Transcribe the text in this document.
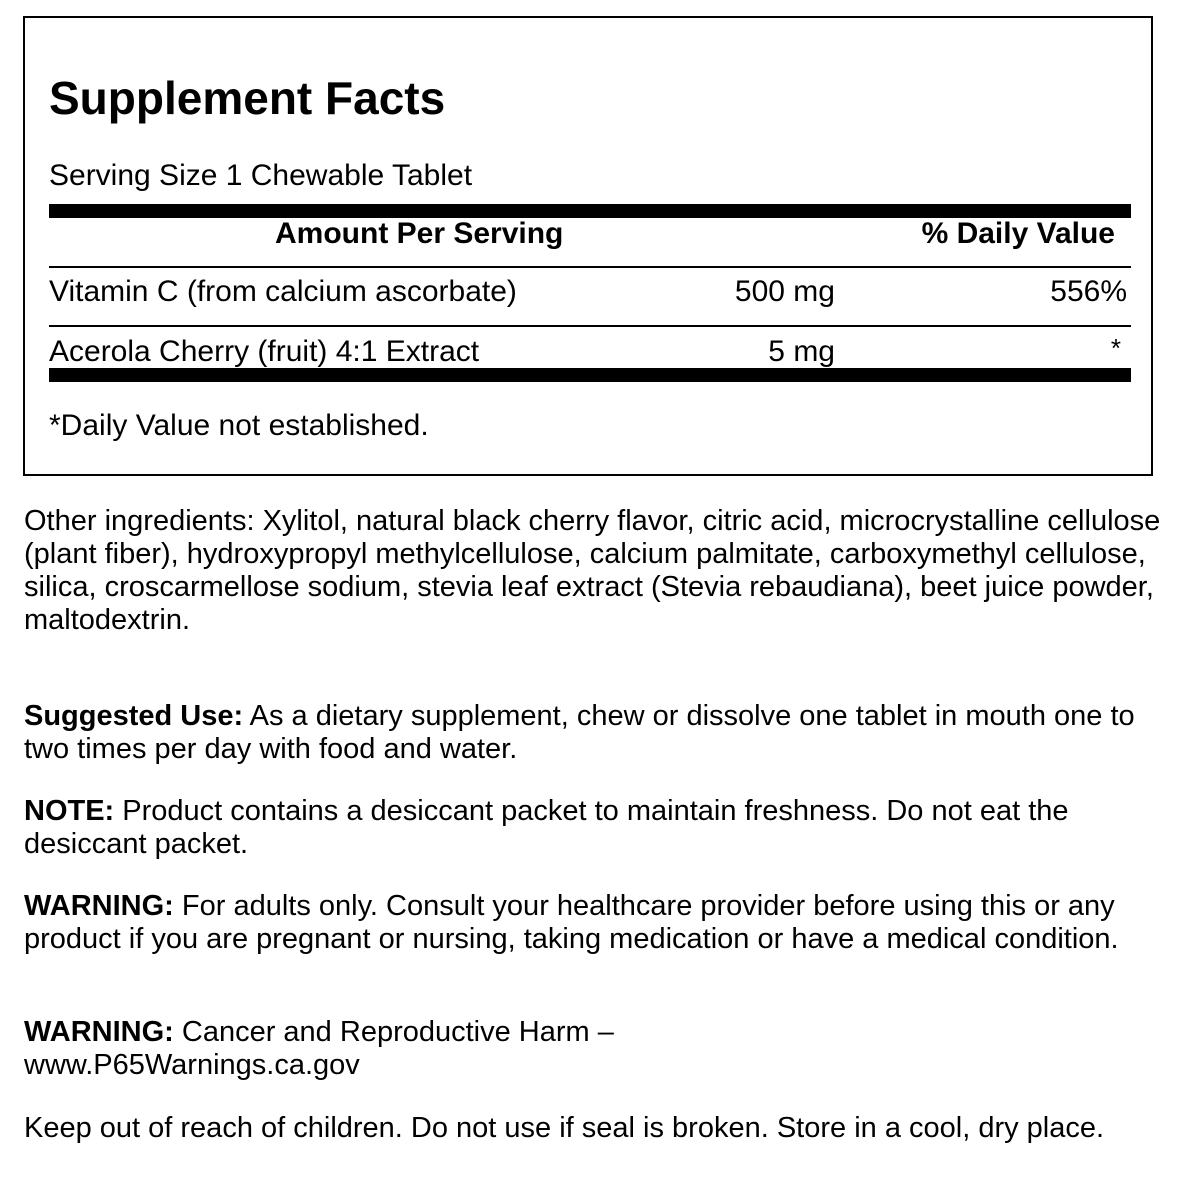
Supplement Facts
Serving Size 1 Chewable Tablet
Amount Per Serving	% Daily Value
Vitamin C (from calcium ascorbate)	500 mg	556%
Acerola Cherry (fruit) 4:1 Extract	5 mg	*
*Daily Value not established.

Other ingredients: Xylitol, natural black cherry flavor, citric acid, microcrystalline cellulose (plant fiber), hydroxypropyl methylcellulose, calcium palmitate, carboxymethyl cellulose, silica, croscarmellose sodium, stevia leaf extract (Stevia rebaudiana), beet juice powder, maltodextrin.

Suggested Use: As a dietary supplement, chew or dissolve one tablet in mouth one to two times per day with food and water.

NOTE: Product contains a desiccant packet to maintain freshness. Do not eat the desiccant packet.

WARNING: For adults only. Consult your healthcare provider before using this or any product if you are pregnant or nursing, taking medication or have a medical condition.

WARNING: Cancer and Reproductive Harm –
www.P65Warnings.ca.gov

Keep out of reach of children. Do not use if seal is broken. Store in a cool, dry place.
